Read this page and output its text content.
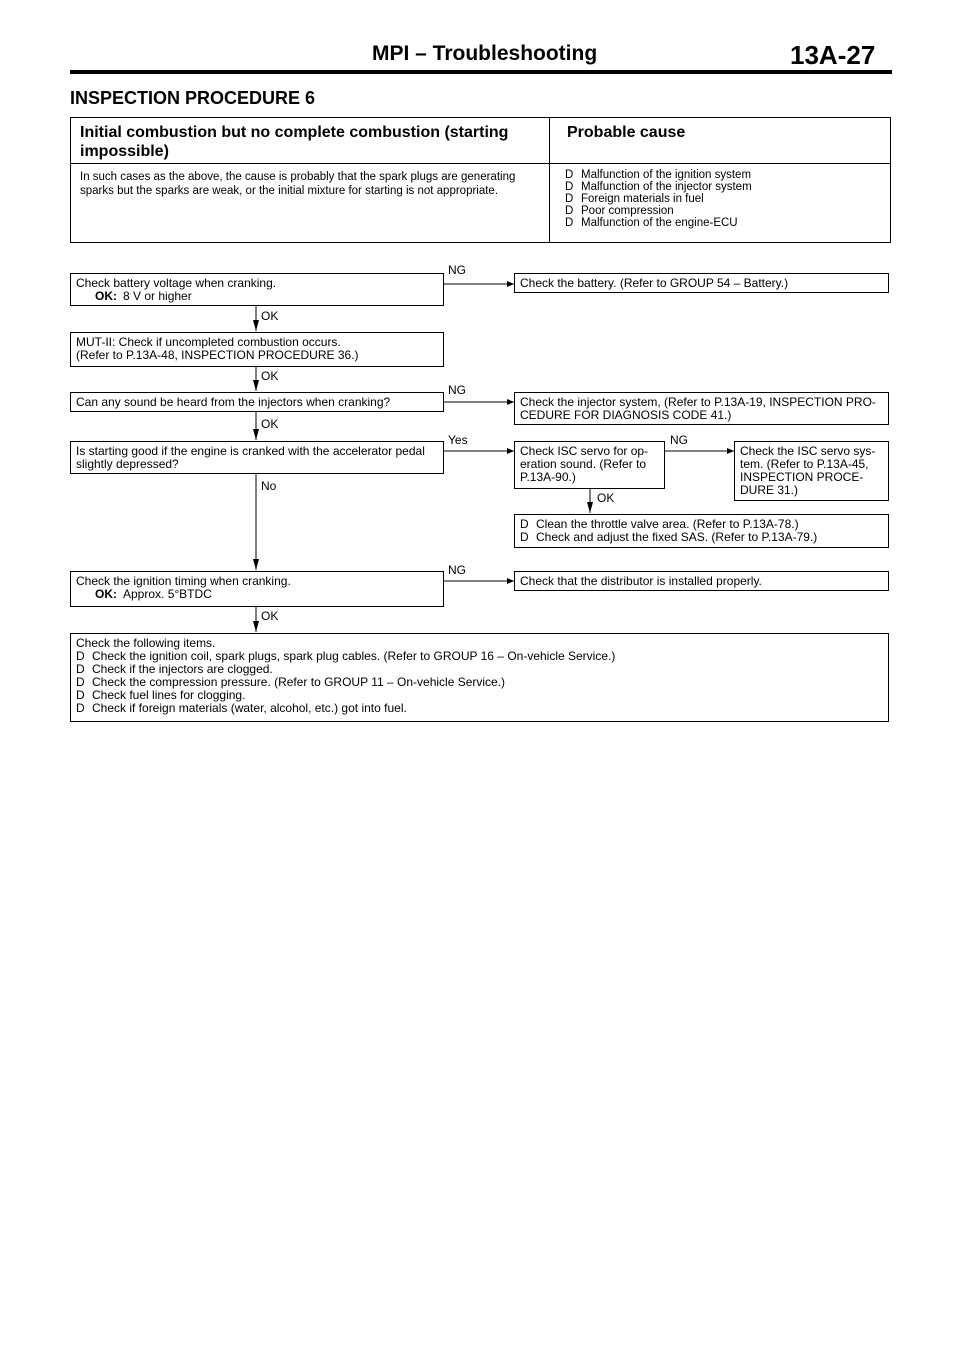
MPI – Troubleshooting	13A-27
INSPECTION PROCEDURE 6
Initial combustion but no complete combustion (starting impossible)
Probable cause
In such cases as the above, the cause is probably that the spark plugs are generating sparks but the sparks are weak, or the initial mixture for starting is not appropriate.
D Malfunction of the ignition system
D Malfunction of the injector system
D Foreign materials in fuel
D Poor compression
D Malfunction of the engine-ECU
Check battery voltage when cranking.
OK: 8 V or higher
NG
Check the battery. (Refer to GROUP 54 – Battery.)
OK
MUT-II: Check if uncompleted combustion occurs.
(Refer to P.13A-48, INSPECTION PROCEDURE 36.)
OK
Can any sound be heard from the injectors when cranking?
NG
Check the injector system, (Refer to P.13A-19, INSPECTION PRO-CEDURE FOR DIAGNOSIS CODE 41.)
OK
Is starting good if the engine is cranked with the accelerator pedal slightly depressed?
Yes
Check ISC servo for op-eration sound. (Refer to P.13A-90.)
NG
Check the ISC servo sys-tem. (Refer to P.13A-45, INSPECTION PROCE-DURE 31.)
OK
D Clean the throttle valve area. (Refer to P.13A-78.)
D Check and adjust the fixed SAS. (Refer to P.13A-79.)
No
Check the ignition timing when cranking.
OK: Approx. 5°BTDC
NG
Check that the distributor is installed properly.
OK
Check the following items.
D Check the ignition coil, spark plugs, spark plug cables. (Refer to GROUP 16 – On-vehicle Service.)
D Check if the injectors are clogged.
D Check the compression pressure. (Refer to GROUP 11 – On-vehicle Service.)
D Check fuel lines for clogging.
D Check if foreign materials (water, alcohol, etc.) got into fuel.
